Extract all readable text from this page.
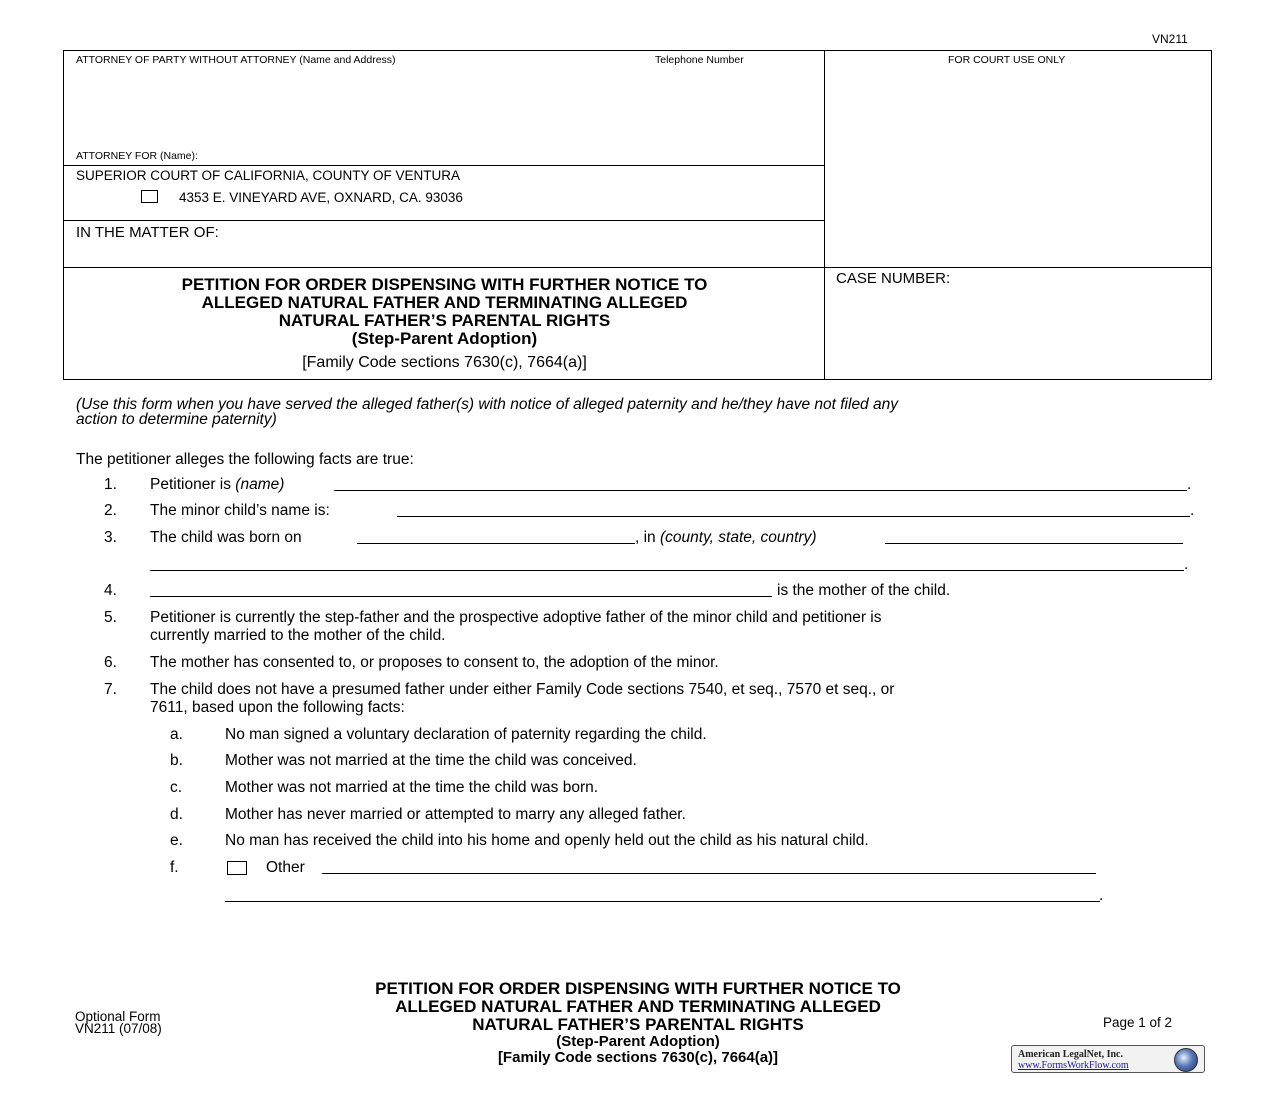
VN211
ATTORNEY OF PARTY WITHOUT ATTORNEY (Name and Address)	Telephone Number	FOR COURT USE ONLY
ATTORNEY FOR (Name):
SUPERIOR COURT OF CALIFORNIA, COUNTY OF VENTURA
4353 E. VINEYARD AVE, OXNARD, CA. 93036
IN THE MATTER OF:
CASE NUMBER:
PETITION FOR ORDER DISPENSING WITH FURTHER NOTICE TO
ALLEGED NATURAL FATHER AND TERMINATING ALLEGED
NATURAL FATHER’S PARENTAL RIGHTS
(Step-Parent Adoption)
[Family Code sections 7630(c), 7664(a)]
(Use this form when you have served the alleged father(s) with notice of alleged paternity and he/they have not filed any
action to determine paternity)
The petitioner alleges the following facts are true:
1. Petitioner is (name)	.
2. The minor child’s name is:	.
3. The child was born on	, in (county, state, country)
.
4.	is the mother of the child.
5. Petitioner is currently the step-father and the prospective adoptive father of the minor child and petitioner is
currently married to the mother of the child.
6. The mother has consented to, or proposes to consent to, the adoption of the minor.
7. The child does not have a presumed father under either Family Code sections 7540, et seq., 7570 et seq., or
7611, based upon the following facts:
a.	No man signed a voluntary declaration of paternity regarding the child.
b.	Mother was not married at the time the child was conceived.
c.	Mother was not married at the time the child was born.
d.	Mother has never married or attempted to marry any alleged father.
e.	No man has received the child into his home and openly held out the child as his natural child.
f.	Other
.
PETITION FOR ORDER DISPENSING WITH FURTHER NOTICE TO
ALLEGED NATURAL FATHER AND TERMINATING ALLEGED
NATURAL FATHER’S PARENTAL RIGHTS
(Step-Parent Adoption)
[Family Code sections 7630(c), 7664(a)]
Optional Form
VN211 (07/08)	Page 1 of 2
American LegalNet, Inc.
www.FormsWorkFlow.com
